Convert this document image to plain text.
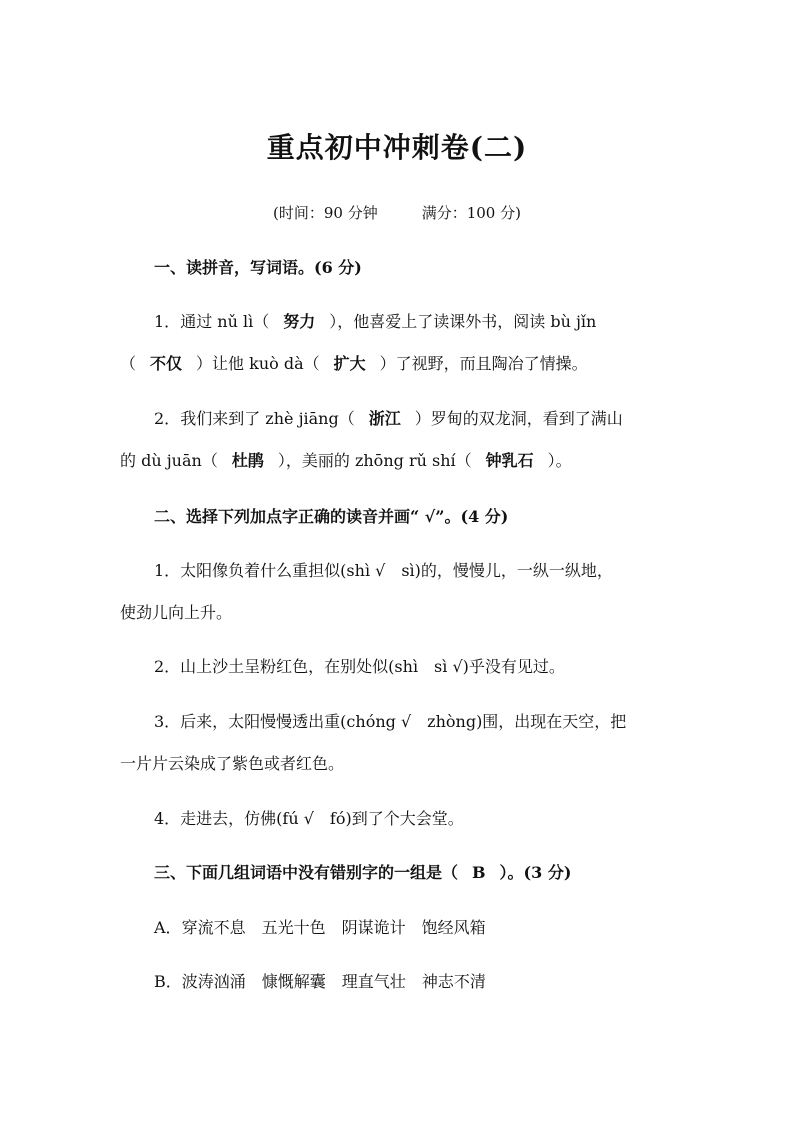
重点初中冲刺卷(二)
(时间：90 分钟	满分：100 分)
一、读拼音，写词语。(6 分)
1．通过 nǔ lì（ 努力 ），他喜爱上了读课外书，阅读 bù jǐn
（ 不仅 ）让他 kuò dà（ 扩大 ）了视野，而且陶冶了情操。
2．我们来到了 zhè jiāng（ 浙江 ）罗甸的双龙洞，看到了满山
的 dù juān（ 杜鹃 ），美丽的 zhōng rǔ shí（ 钟乳石 ）。
二、选择下列加点字正确的读音并画“ √”。(4 分)
1．太阳像负着什么重担似(shì √　sì)的，慢慢儿，一纵一纵地，
使劲儿向上升。
2．山上沙土呈粉红色，在别处似(shì　sì √)乎没有见过。
3．后来，太阳慢慢透出重(chóng √　zhòng)围，出现在天空，把
一片片云染成了紫色或者红色。
4．走进去，仿佛(fú √　fó)到了个大会堂。
三、下面几组词语中没有错别字的一组是（ B ）。(3 分)
A．穿流不息 五光十色 阴谋诡计 饱经风箱
B．波涛汹涌 慷慨解囊 理直气壮 神志不清
